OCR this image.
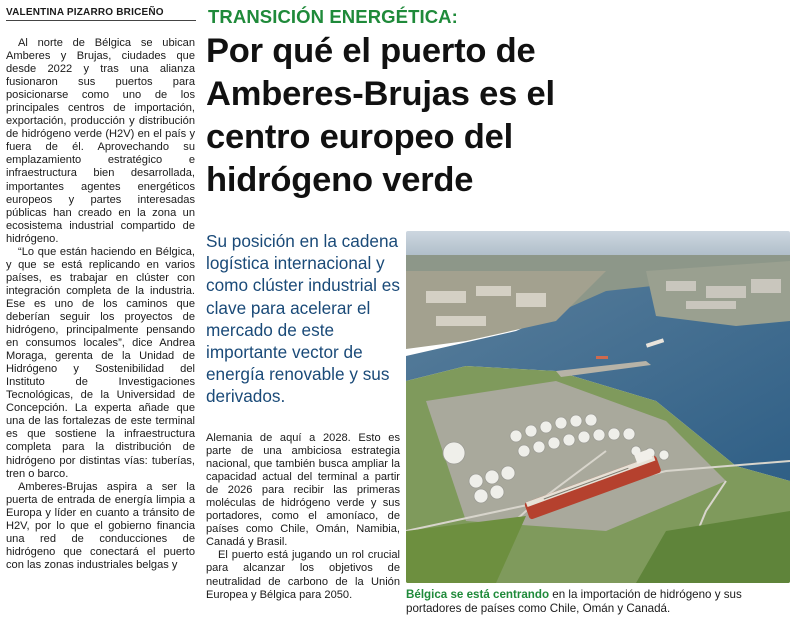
VALENTINA PIZARRO BRICEÑO

Al norte de Bélgica se ubican Amberes y Brujas, ciudades que desde 2022 y tras una alianza fusionaron sus puertos para posicionarse como uno de los principales centros de importación, exportación, producción y distribución de hidrógeno verde (H2V) en el país y fuera de él. Aprovechando su emplazamiento estratégico e infraestructura bien desarrollada, importantes agentes energéticos europeos y partes interesadas públicas han creado en la zona un ecosistema industrial compartido de hidrógeno.

“Lo que están haciendo en Bélgica, y que se está replicando en varios países, es trabajar en clúster con integración completa de la industria. Ese es uno de los caminos que deberían seguir los proyectos de hidrógeno, principalmente pensando en consumos locales”, dice Andrea Moraga, gerenta de la Unidad de Hidrógeno y Sostenibilidad del Instituto de Investigaciones Tecnológicas, de la Universidad de Concepción. La experta añade que una de las fortalezas de este terminal es que sostiene la infraestructura completa para la distribución de hidrógeno por distintas vías: tuberías, tren o barco.

Amberes-Brujas aspira a ser la puerta de entrada de energía limpia a Europa y líder en cuanto a tránsito de H2V, por lo que el gobierno financia una red de conducciones de hidrógeno que conectará el puerto con las zonas industriales belgas y

TRANSICIÓN ENERGÉTICA:
Por qué el puerto de Amberes-Brujas es el centro europeo del hidrógeno verde
Su posición en la cadena logística internacional y como clúster industrial es clave para acelerar el mercado de este importante vector de energía renovable y sus derivados.

Alemania de aquí a 2028. Esto es parte de una ambiciosa estrategia nacional, que también busca ampliar la capacidad actual del terminal a partir de 2026 para recibir las primeras moléculas de hidrógeno verde y sus portadores, como el amoníaco, de países como Chile, Omán, Namibia, Canadá y Brasil.

El puerto está jugando un rol crucial para alcanzar los objetivos de neutralidad de carbono de la Unión Europea y Bélgica para 2050.	Bélgica se está centrando en la importación de hidrógeno y sus portadores de países como Chile, Omán y Canadá.
